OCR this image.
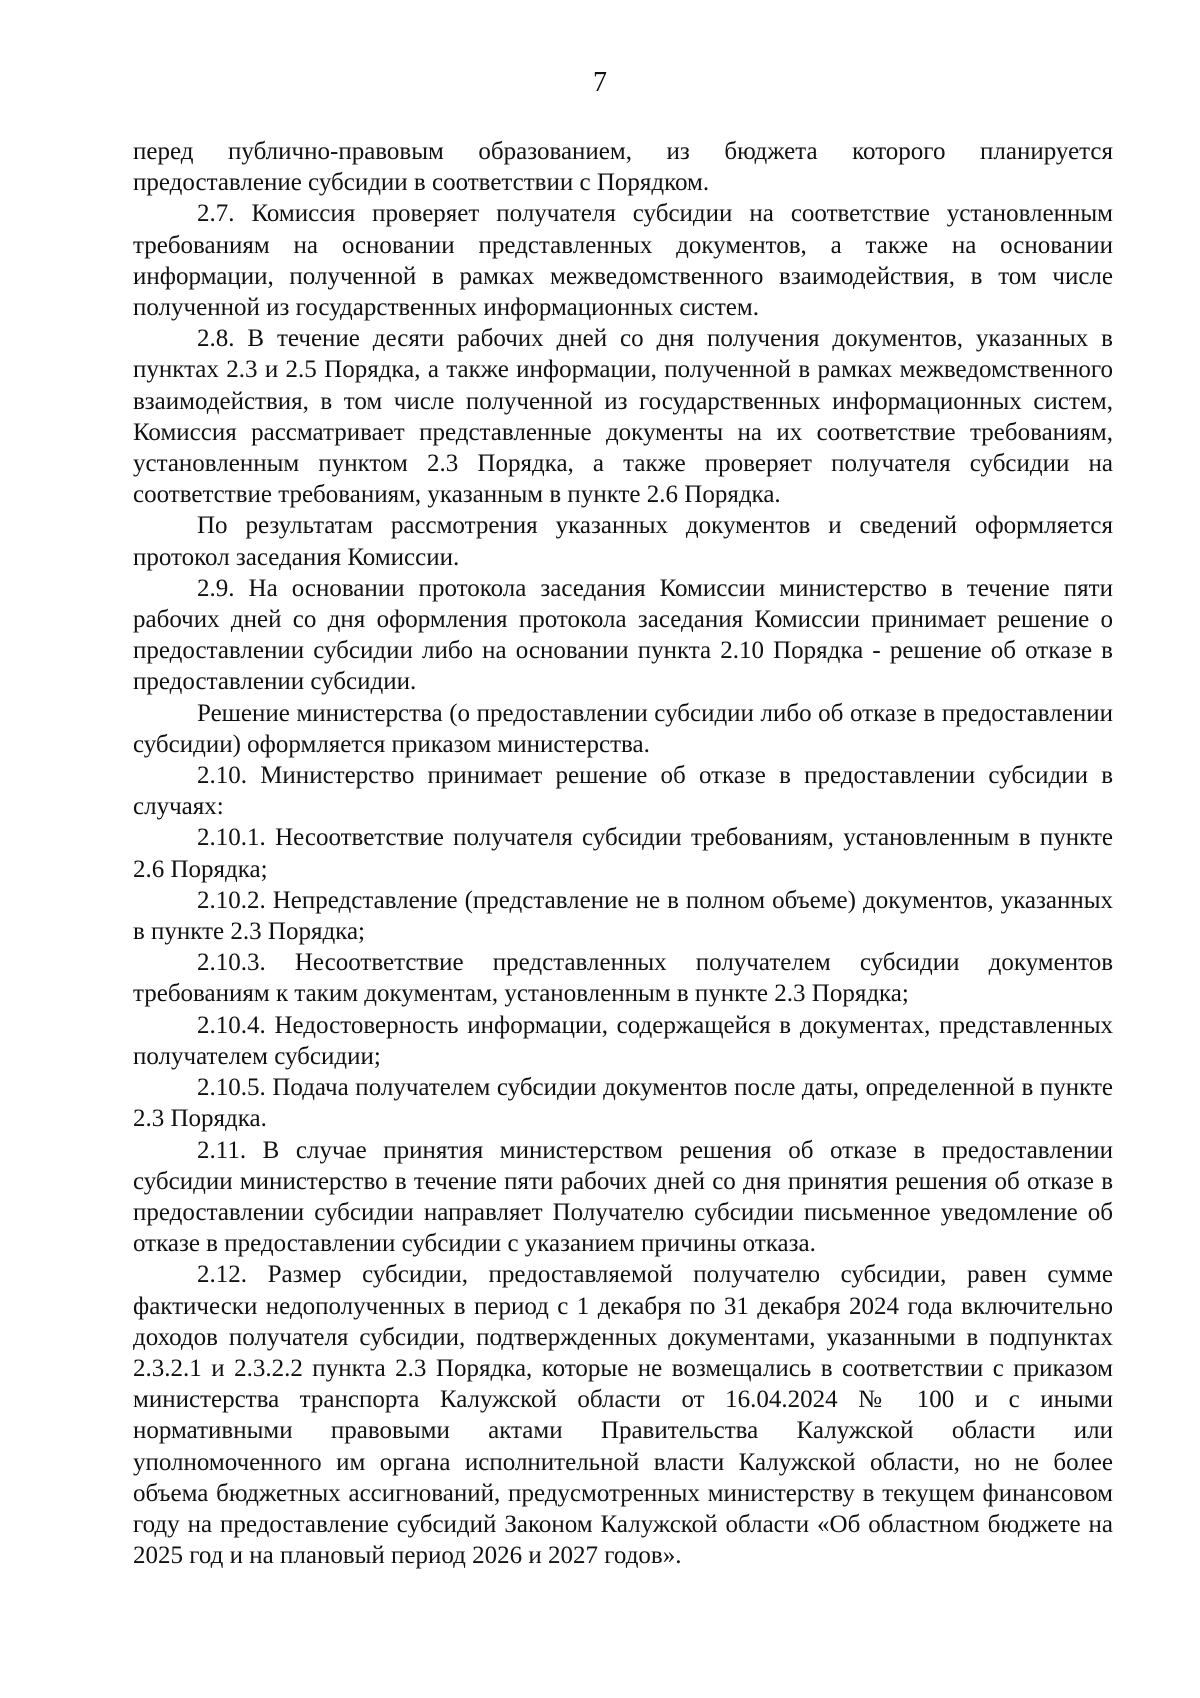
7

перед публично-правовым образованием, из бюджета которого планируется предоставление субсидии в соответствии с Порядком.

2.7. Комиссия проверяет получателя субсидии на соответствие установленным требованиям на основании представленных документов, а также на основании информации, полученной в рамках межведомственного взаимодействия, в том числе полученной из государственных информационных систем.

2.8. В течение десяти рабочих дней со дня получения документов, указанных в пунктах 2.3 и 2.5 Порядка, а также информации, полученной в рамках межведомственного взаимодействия, в том числе полученной из государственных информационных систем, Комиссия рассматривает представленные документы на их соответствие требованиям, установленным пунктом 2.3 Порядка, а также проверяет получателя субсидии на соответствие требованиям, указанным в пункте 2.6 Порядка.

По результатам рассмотрения указанных документов и сведений оформляется протокол заседания Комиссии.

2.9. На основании протокола заседания Комиссии министерство в течение пяти рабочих дней со дня оформления протокола заседания Комиссии принимает решение о предоставлении субсидии либо на основании пункта 2.10 Порядка - решение об отказе в предоставлении субсидии.

Решение министерства (о предоставлении субсидии либо об отказе в предоставлении субсидии) оформляется приказом министерства.

2.10. Министерство принимает решение об отказе в предоставлении субсидии в случаях:

2.10.1. Несоответствие получателя субсидии требованиям, установленным в пункте 2.6 Порядка;

2.10.2. Непредставление (представление не в полном объеме) документов, указанных в пункте 2.3 Порядка;

2.10.3. Несоответствие представленных получателем субсидии документов требованиям к таким документам, установленным в пункте 2.3 Порядка;

2.10.4. Недостоверность информации, содержащейся в документах, представленных получателем субсидии;

2.10.5. Подача получателем субсидии документов после даты, определенной в пункте 2.3 Порядка.

2.11. В случае принятия министерством решения об отказе в предоставлении субсидии министерство в течение пяти рабочих дней со дня принятия решения об отказе в предоставлении субсидии направляет Получателю субсидии письменное уведомление об отказе в предоставлении субсидии с указанием причины отказа.

2.12. Размер субсидии, предоставляемой получателю субсидии, равен сумме фактически недополученных в период с 1 декабря по 31 декабря 2024 года включительно доходов получателя субсидии, подтвержденных документами, указанными в подпунктах 2.3.2.1 и 2.3.2.2 пункта 2.3 Порядка, которые не возмещались в соответствии с приказом министерства транспорта Калужской области от 16.04.2024 № 100 и с иными нормативными правовыми актами Правительства Калужской области или уполномоченного им органа исполнительной власти Калужской области, но не более объема бюджетных ассигнований, предусмотренных министерству в текущем финансовом году на предоставление субсидий Законом Калужской области «Об областном бюджете на 2025 год и на плановый период 2026 и 2027 годов».
